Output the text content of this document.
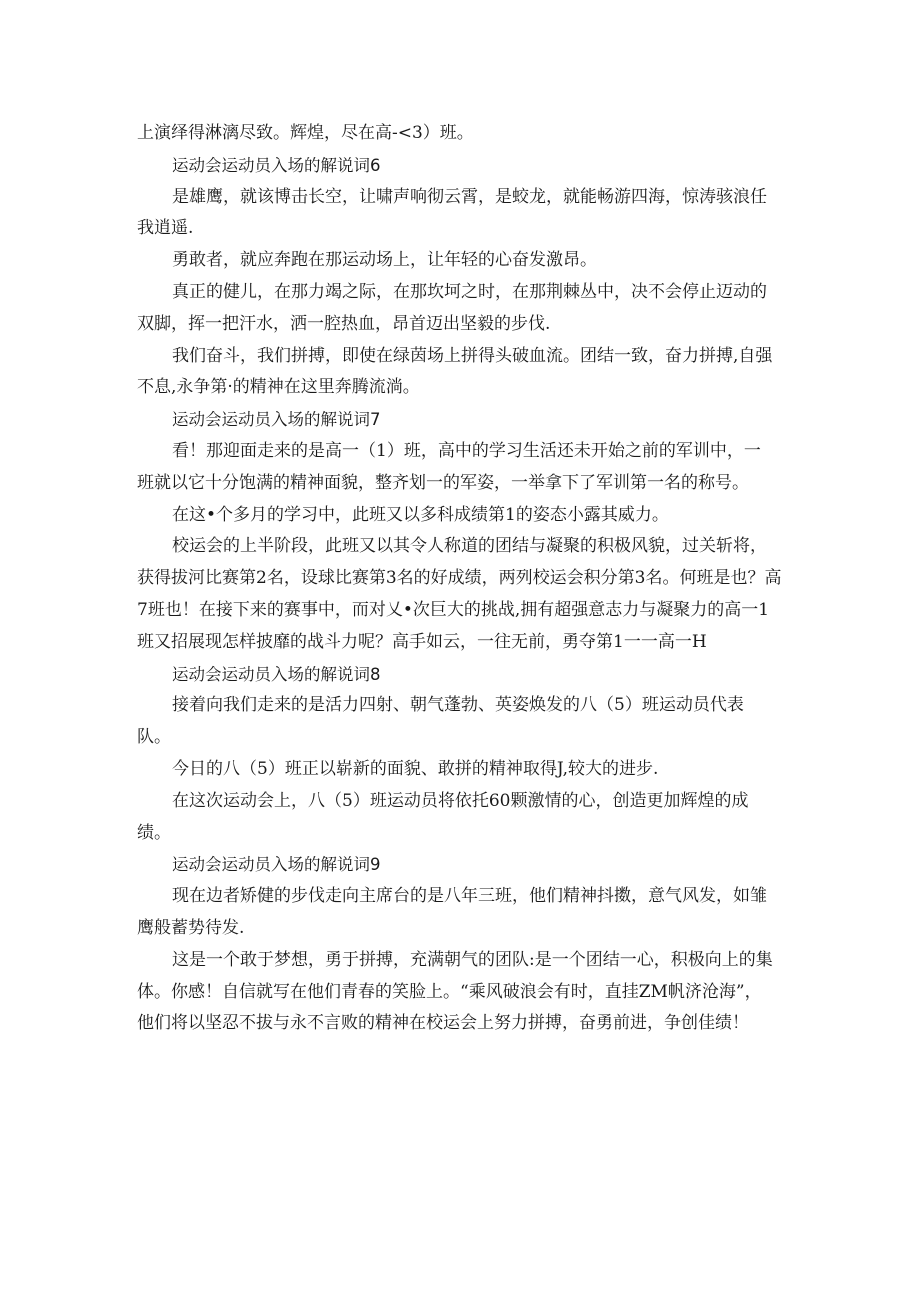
上演绎得淋漓尽致。辉煌，尽在高-<3）班。

运动会运动员入场的解说词6

是雄鹰，就该博击长空，让啸声响彻云霄，是蛟龙，就能畅游四海，惊涛骇浪任

我逍遥.

勇敢者，就应奔跑在那运动场上，让年轻的心奋发激昂。

真正的健儿，在那力竭之际，在那坎坷之时，在那荆棘丛中，决不会停止迈动的

双脚，挥一把汗水，洒一腔热血，昂首迈出坚毅的步伐.

我们奋斗，我们拼搏，即使在绿茵场上拼得头破血流。团结一致，奋力拼搏,自强

不息,永争第·的精神在这里奔腾流淌。

运动会运动员入场的解说词7

看！那迎面走来的是高一（1）班，高中的学习生活还未开始之前的军训中，一

班就以它十分饱满的精神面貌，整齐划一的军姿，一举拿下了军训第一名的称号。

在这•个多月的学习中，此班又以多科成绩第1的姿态小露其威力。

校运会的上半阶段，此班又以其令人称道的团结与凝聚的积极风貌，过关斩将，

获得拔河比赛第2名，设球比赛第3名的好成绩，两列校运会积分第3名。何班是也？高

7班也！在接下来的赛事中，而对乂•次巨大的挑战,拥有超强意志力与凝聚力的高一1

班又招展现怎样披靡的战斗力呢？高手如云，一往无前，勇夺第1一一高一H

运动会运动员入场的解说词8

接着向我们走来的是活力四射、朝气蓬勃、英姿焕发的八（5）班运动员代表

队。

今日的八（5）班正以崭新的面貌、敢拼的精神取得J,较大的进步.

在这次运动会上，八（5）班运动员将依托60颗激情的心，创造更加辉煌的成

绩。

运动会运动员入场的解说词9

现在边者矫健的步伐走向主席台的是八年三班，他们精神抖擞，意气风发，如雏

鹰般蓄势待发.

这是一个敢于梦想，勇于拼搏，充满朝气的团队:是一个团结一心，积极向上的集

体。你感！自信就写在他们青春的笑脸上。“乘风破浪会有时，直挂ZM帆济沧海”，

他们将以坚忍不拔与永不言败的精神在校运会上努力拼搏，奋勇前进，争创佳绩！
